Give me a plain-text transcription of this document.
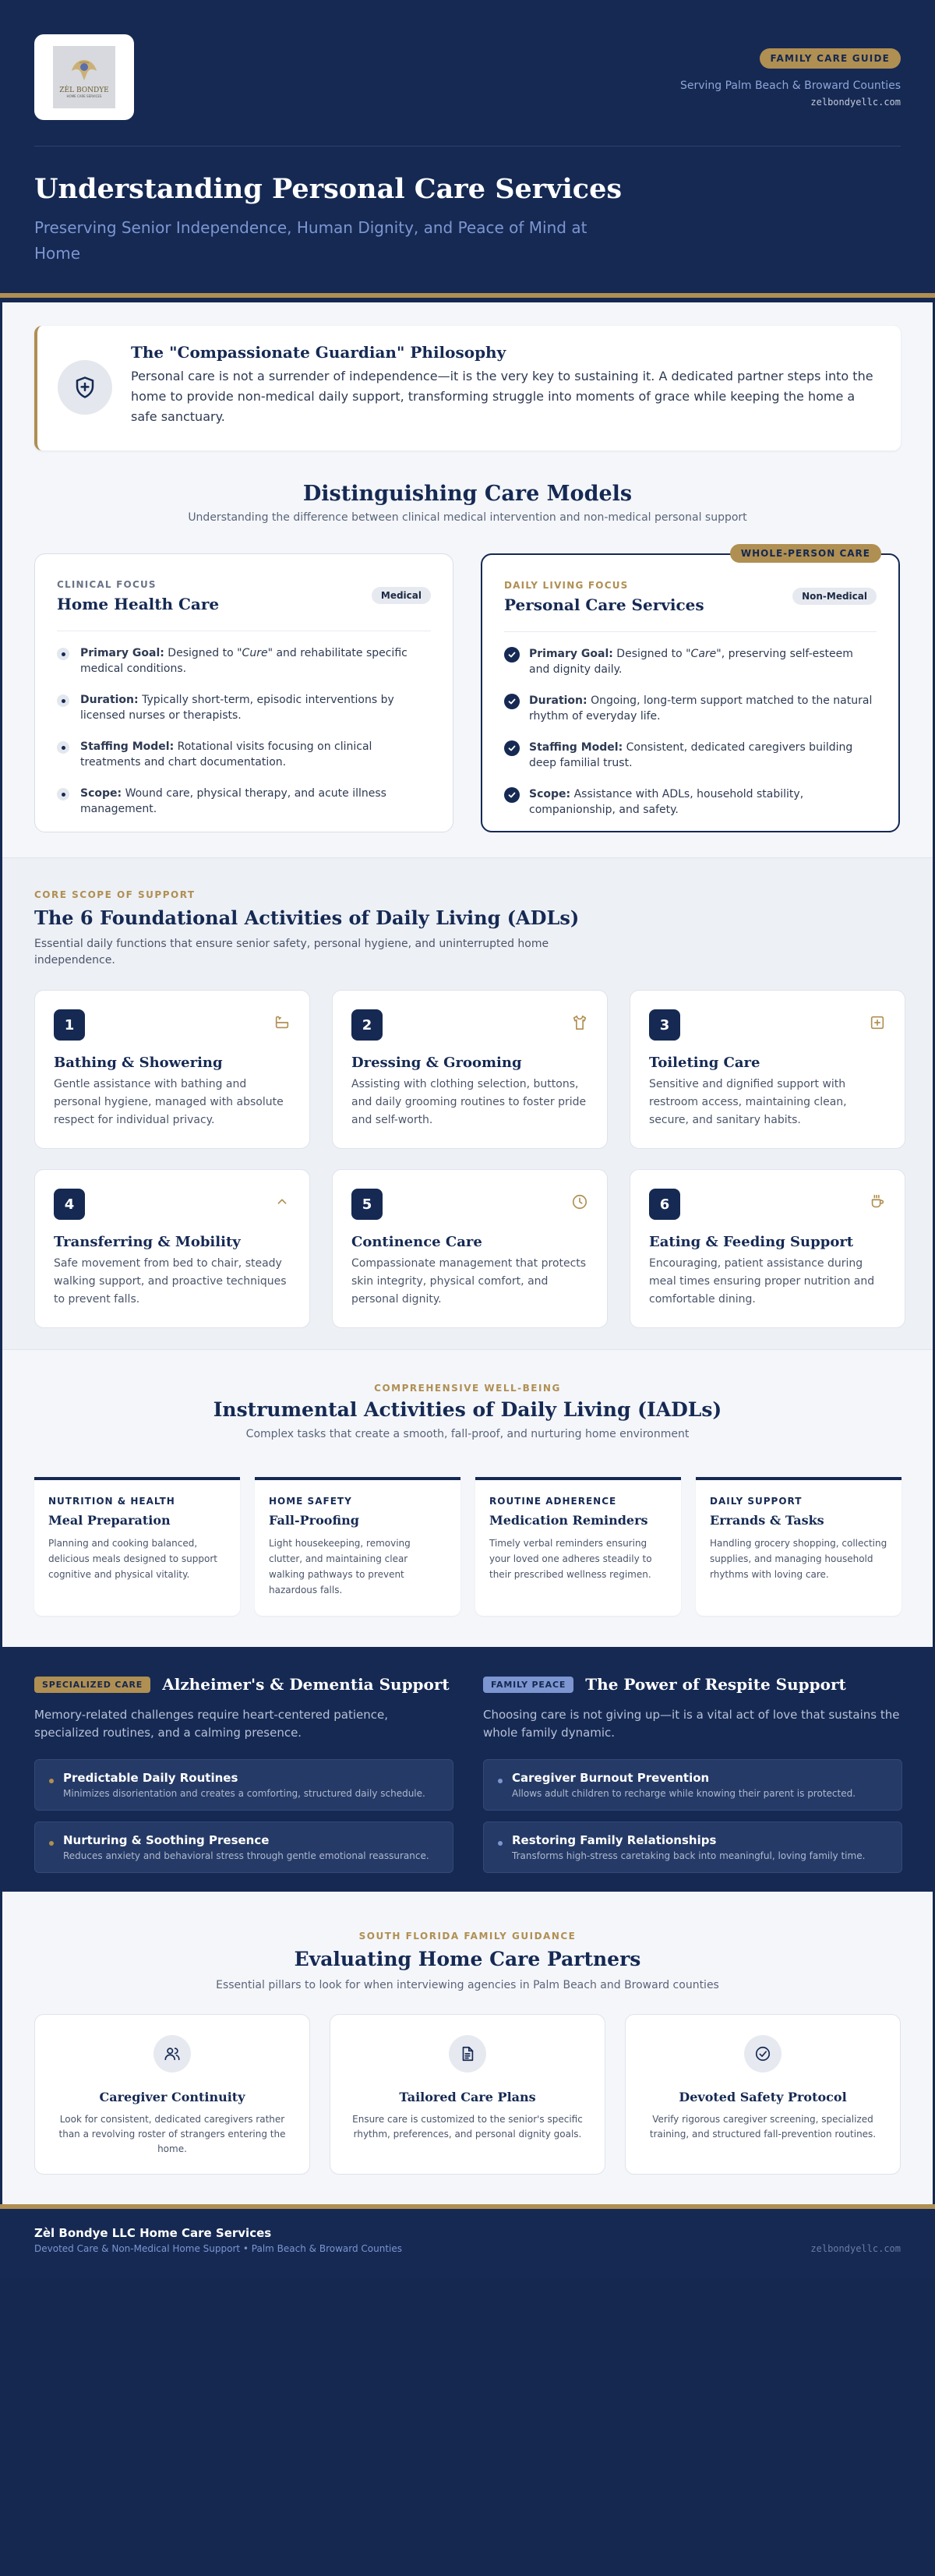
ZÈL BONDYE
HOME CARE SERVICES
FAMILY CARE GUIDE
Serving Palm Beach & Broward Counties
zelbondyellc.com
Understanding Personal Care Services

Preserving Senior Independence, Human Dignity, and Peace of Mind at Home

The "Compassionate Guardian" Philosophy

Personal care is not a surrender of independence—it is the very key to sustaining it. A dedicated partner steps into the home to provide non-medical daily support, transforming struggle into moments of grace while keeping the home a safe sanctuary.

Distinguishing Care Models

Understanding the difference between clinical medical intervention and non-medical personal support

CLINICAL FOCUS
Home Health Care	Medical
Primary Goal: Designed to "Cure" and rehabilitate specific medical conditions.
Duration: Typically short-term, episodic interventions by licensed nurses or therapists.
Staffing Model: Rotational visits focusing on clinical treatments and chart documentation.
Scope: Wound care, physical therapy, and acute illness management.
WHOLE-PERSON CARE
DAILY LIVING FOCUS
Personal Care Services	Non-Medical
Primary Goal: Designed to "Care", preserving self-esteem and dignity daily.
Duration: Ongoing, long-term support matched to the natural rhythm of everyday life.
Staffing Model: Consistent, dedicated caregivers building deep familial trust.
Scope: Assistance with ADLs, household stability, companionship, and safety.
CORE SCOPE OF SUPPORT
The 6 Foundational Activities of Daily Living (ADLs)

Essential daily functions that ensure senior safety, personal hygiene, and uninterrupted home independence.

1
Bathing & Showering
Gentle assistance with bathing and personal hygiene, managed with absolute respect for individual privacy.
2
Dressing & Grooming
Assisting with clothing selection, buttons, and daily grooming routines to foster pride and self-worth.
3
Toileting Care
Sensitive and dignified support with restroom access, maintaining clean, secure, and sanitary habits.
4
Transferring & Mobility
Safe movement from bed to chair, steady walking support, and proactive techniques to prevent falls.
5
Continence Care
Compassionate management that protects skin integrity, physical comfort, and personal dignity.
6
Eating & Feeding Support
Encouraging, patient assistance during meal times ensuring proper nutrition and comfortable dining.
COMPREHENSIVE WELL-BEING
Instrumental Activities of Daily Living (IADLs)

Complex tasks that create a smooth, fall-proof, and nurturing home environment

SOUTH FLORIDA FAMILY GUIDANCE
Evaluating Home Care Partners

Essential pillars to look for when interviewing agencies in Palm Beach and Broward counties

NUTRITION & HEALTH
Meal Preparation
Planning and cooking balanced, delicious meals designed to support cognitive and physical vitality.
HOME SAFETY
Fall-Proofing
Light housekeeping, removing clutter, and maintaining clear walking pathways to prevent hazardous falls.
ROUTINE ADHERENCE
Medication Reminders
Timely verbal reminders ensuring your loved one adheres steadily to their prescribed wellness regimen.
DAILY SUPPORT
Errands & Tasks
Handling grocery shopping, collecting supplies, and managing household rhythms with loving care.
SPECIALIZED CARE Alzheimer's & Dementia Support

Memory-related challenges require heart-centered patience, specialized routines, and a calming presence.

Predictable Daily Routines
Minimizes disorientation and creates a comforting, structured daily schedule.
Nurturing & Soothing Presence
Reduces anxiety and behavioral stress through gentle emotional reassurance.
FAMILY PEACE The Power of Respite Support

Choosing care is not giving up—it is a vital act of love that sustains the whole family dynamic.

Caregiver Burnout Prevention
Allows adult children to recharge while knowing their parent is protected.
Restoring Family Relationships
Transforms high-stress caretaking back into meaningful, loving family time.
Caregiver Continuity
Look for consistent, dedicated caregivers rather than a revolving roster of strangers entering the home.
Tailored Care Plans
Ensure care is customized to the senior's specific rhythm, preferences, and personal dignity goals.
Devoted Safety Protocol
Verify rigorous caregiver screening, specialized training, and structured fall-prevention routines.
Zèl Bondye LLC Home Care Services
Devoted Care & Non-Medical Home Support • Palm Beach & Broward Counties	zelbondyellc.com
